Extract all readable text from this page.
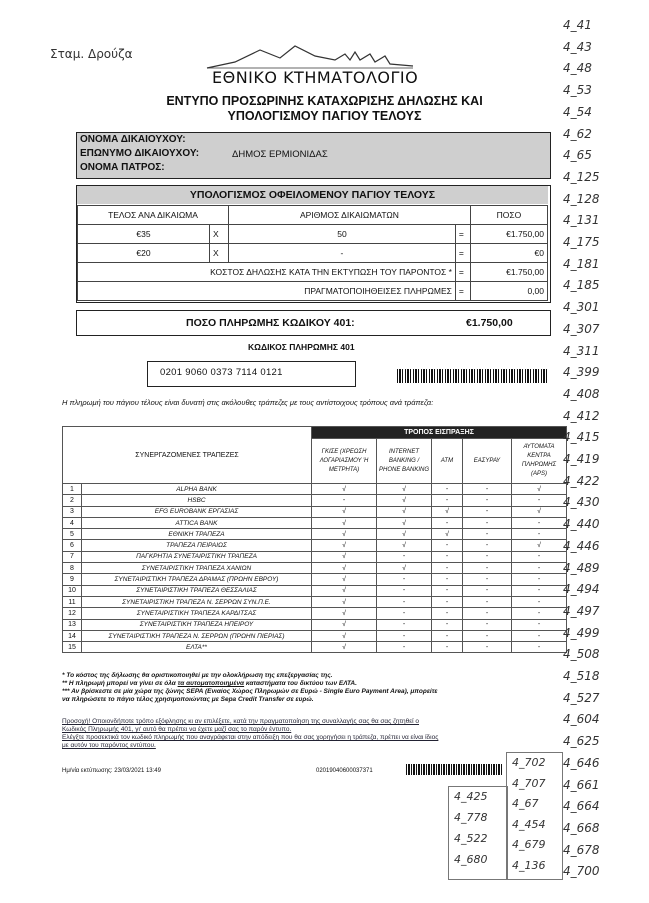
Σταμ. Δρούζα
ΕΘΝΙΚΟ ΚΤΗΜΑΤΟΛΟΓΙΟ
ΕΝΤΥΠΟ ΠΡΟΣΩΡΙΝΗΣ ΚΑΤΑΧΩΡΙΣΗΣ ΔΗΛΩΣΗΣ ΚΑΙ
ΥΠΟΛΟΓΙΣΜΟΥ ΠΑΓΙΟΥ ΤΕΛΟΥΣ
ΟΝΟΜΑ ΔΙΚΑΙΟΥΧΟΥ:
ΕΠΩΝΥΜΟ ΔΙΚΑΙΟΥΧΟΥ:	ΔΗΜΟΣ ΕΡΜΙΟΝΙΔΑΣ
ΟΝΟΜΑ ΠΑΤΡΟΣ:
ΥΠΟΛΟΓΙΣΜΟΣ ΟΦΕΙΛΟΜΕΝΟΥ ΠΑΓΙΟΥ ΤΕΛΟΥΣ
ΤΕΛΟΣ ΑΝΑ ΔΙΚΑΙΩΜΑ		ΑΡΙΘΜΟΣ ΔΙΚΑΙΩΜΑΤΩΝ		ΠΟΣΟ
€35	X	50	=	€1.750,00
€20	X	-	=	€0
ΚΟΣΤΟΣ ΔΗΛΩΣΗΣ ΚΑΤΑ ΤΗΝ ΕΚΤΥΠΩΣΗ ΤΟΥ ΠΑΡΟΝΤΟΣ *			=	€1.750,00
ΠΡΑΓΜΑΤΟΠΟΙΗΘΕΙΣΕΣ ΠΛΗΡΩΜΕΣ			=	0,00
ΠΟΣΟ ΠΛΗΡΩΜΗΣ ΚΩΔΙΚΟΥ 401:	€1.750,00
ΚΩΔΙΚΟΣ ΠΛΗΡΩΜΗΣ 401
0201 9060 0373 7114 0121
Η πληρωμή του πάγιου τέλους είναι δυνατή στις ακόλουθες τράπεζες με τους αντίστοιχους τρόπους ανά τράπεζα:
ΣΥΝΕΡΓΑΖΟΜΕΝΕΣ ΤΡΑΠΕΖΕΣ		ΤΡΟΠΟΣ ΕΙΣΠΡΑΞΗΣ				
		ΓΚΙΣΕ (ΧΡΕΩΣΗ ΛΟΓΑΡΙΑΣΜΟΥ Ή ΜΕΤΡΗΤΑ)	INTERNET BANKING / PHONE BANKING	ATM	ΕΑΣΥΡΑΥ	ΑΥΤΟΜΑΤΑ ΚΕΝΤΡΑ ΠΛΗΡΩΜΗΣ (APS)
1	ALPHA BANK	√	√	-	-	√
2	HSBC	-	√	-	-	-
3	EFG EUROBANK ΕΡΓΑΣΙΑΣ	√	√	√	-	√
4	ATTICA BANK	√	√	-	-	-
5	ΕΘΝΙΚΗ ΤΡΑΠΕΖΑ	√	√	√	-	-
6	ΤΡΑΠΕΖΑ ΠΕΙΡΑΙΩΣ	√	√	-	-	√
7	ΠΑΓΚΡΗΤΙΑ ΣΥΝΕΤΑΙΡΙΣΤΙΚΗ ΤΡΑΠΕΖΑ	√	-	-	-	-
8	ΣΥΝΕΤΑΙΡΙΣΤΙΚΗ ΤΡΑΠΕΖΑ ΧΑΝΙΩΝ	√	√	-	-	-
9	ΣΥΝΕΤΑΙΡΙΣΤΙΚΗ ΤΡΑΠΕΖΑ ΔΡΑΜΑΣ (ΠΡΩΗΝ ΕΒΡΟΥ)	√	-	-	-	-
10	ΣΥΝΕΤΑΙΡΙΣΤΙΚΗ ΤΡΑΠΕΖΑ ΘΕΣΣΑΛΙΑΣ	√	-	-	-	-
11	ΣΥΝΕΤΑΙΡΙΣΤΙΚΗ ΤΡΑΠΕΖΑ Ν. ΣΕΡΡΩΝ ΣΥΝ.Π.Ε.	√	-	-	-	-
12	ΣΥΝΕΤΑΙΡΙΣΤΙΚΗ ΤΡΑΠΕΖΑ ΚΑΡΔΙΤΣΑΣ	√	-	-	-	-
13	ΣΥΝΕΤΑΙΡΙΣΤΙΚΗ ΤΡΑΠΕΖΑ ΗΠΕΙΡΟΥ	√	-	-	-	-
14	ΣΥΝΕΤΑΙΡΙΣΤΙΚΗ ΤΡΑΠΕΖΑ Ν. ΣΕΡΡΩΝ (ΠΡΩΗΝ ΠΙΕΡΙΑΣ)	√	-	-	-	-
15	ΕΛΤΑ**	√	-	-	-	-
* Το κόστος της δήλωσης θα οριστικοποιηθεί με την ολοκλήρωση της επεξεργασίας της.
** Η πληρωμή μπορεί να γίνει σε όλα τα αυτοματοποιημένα καταστήματα του δικτύου των ΕΛΤΑ.
*** Αν βρίσκεστε σε μία χώρα της ζώνης SEPA (Ενιαίος Χώρος Πληρωμών σε Ευρώ - Single Euro Payment Area), μπορείτε
να πληρώσετε το πάγιο τέλος χρησιμοποιώντας με Sepa Credit Transfer σε ευρώ.
Προσοχή! Οποιονδήποτε τρόπο εξόφλησης κι αν επιλέξετε, κατά την πραγματοποίηση της συναλλαγής σας θα σας ζητηθεί ο
Κωδικός Πληρωμής 401, γι' αυτό θα πρέπει να έχετε μαζί σας το παρόν έντυπο.
Ελέγξτε προσεκτικά τον κωδικό πληρωμής που αναγράφεται στην απόδειξη που θα σας χορηγήσει η τράπεζα, πρέπει να είναι ίδιος
με αυτόν του παρόντος εντύπου.
Ημ/νία εκτύπωσης: 23/03/2021 13:49	02019040600037371
4_41
4_43
4_48
4_53
4_54
4_62
4_65
4_125
4_128
4_131
4_175
4_181
4_185
4_301
4_307
4_311
4_399
4_408
4_412
4_415
4_419
4_422
4_430
4_440
4_446
4_489
4_494
4_497
4_499
4_508
4_518
4_527
4_604
4_625
4_646
4_661
4_664
4_668
4_678
4_700
4_425
4_778
4_522
4_680
4_702
4_707
4_67
4_454
4_679
4_136
